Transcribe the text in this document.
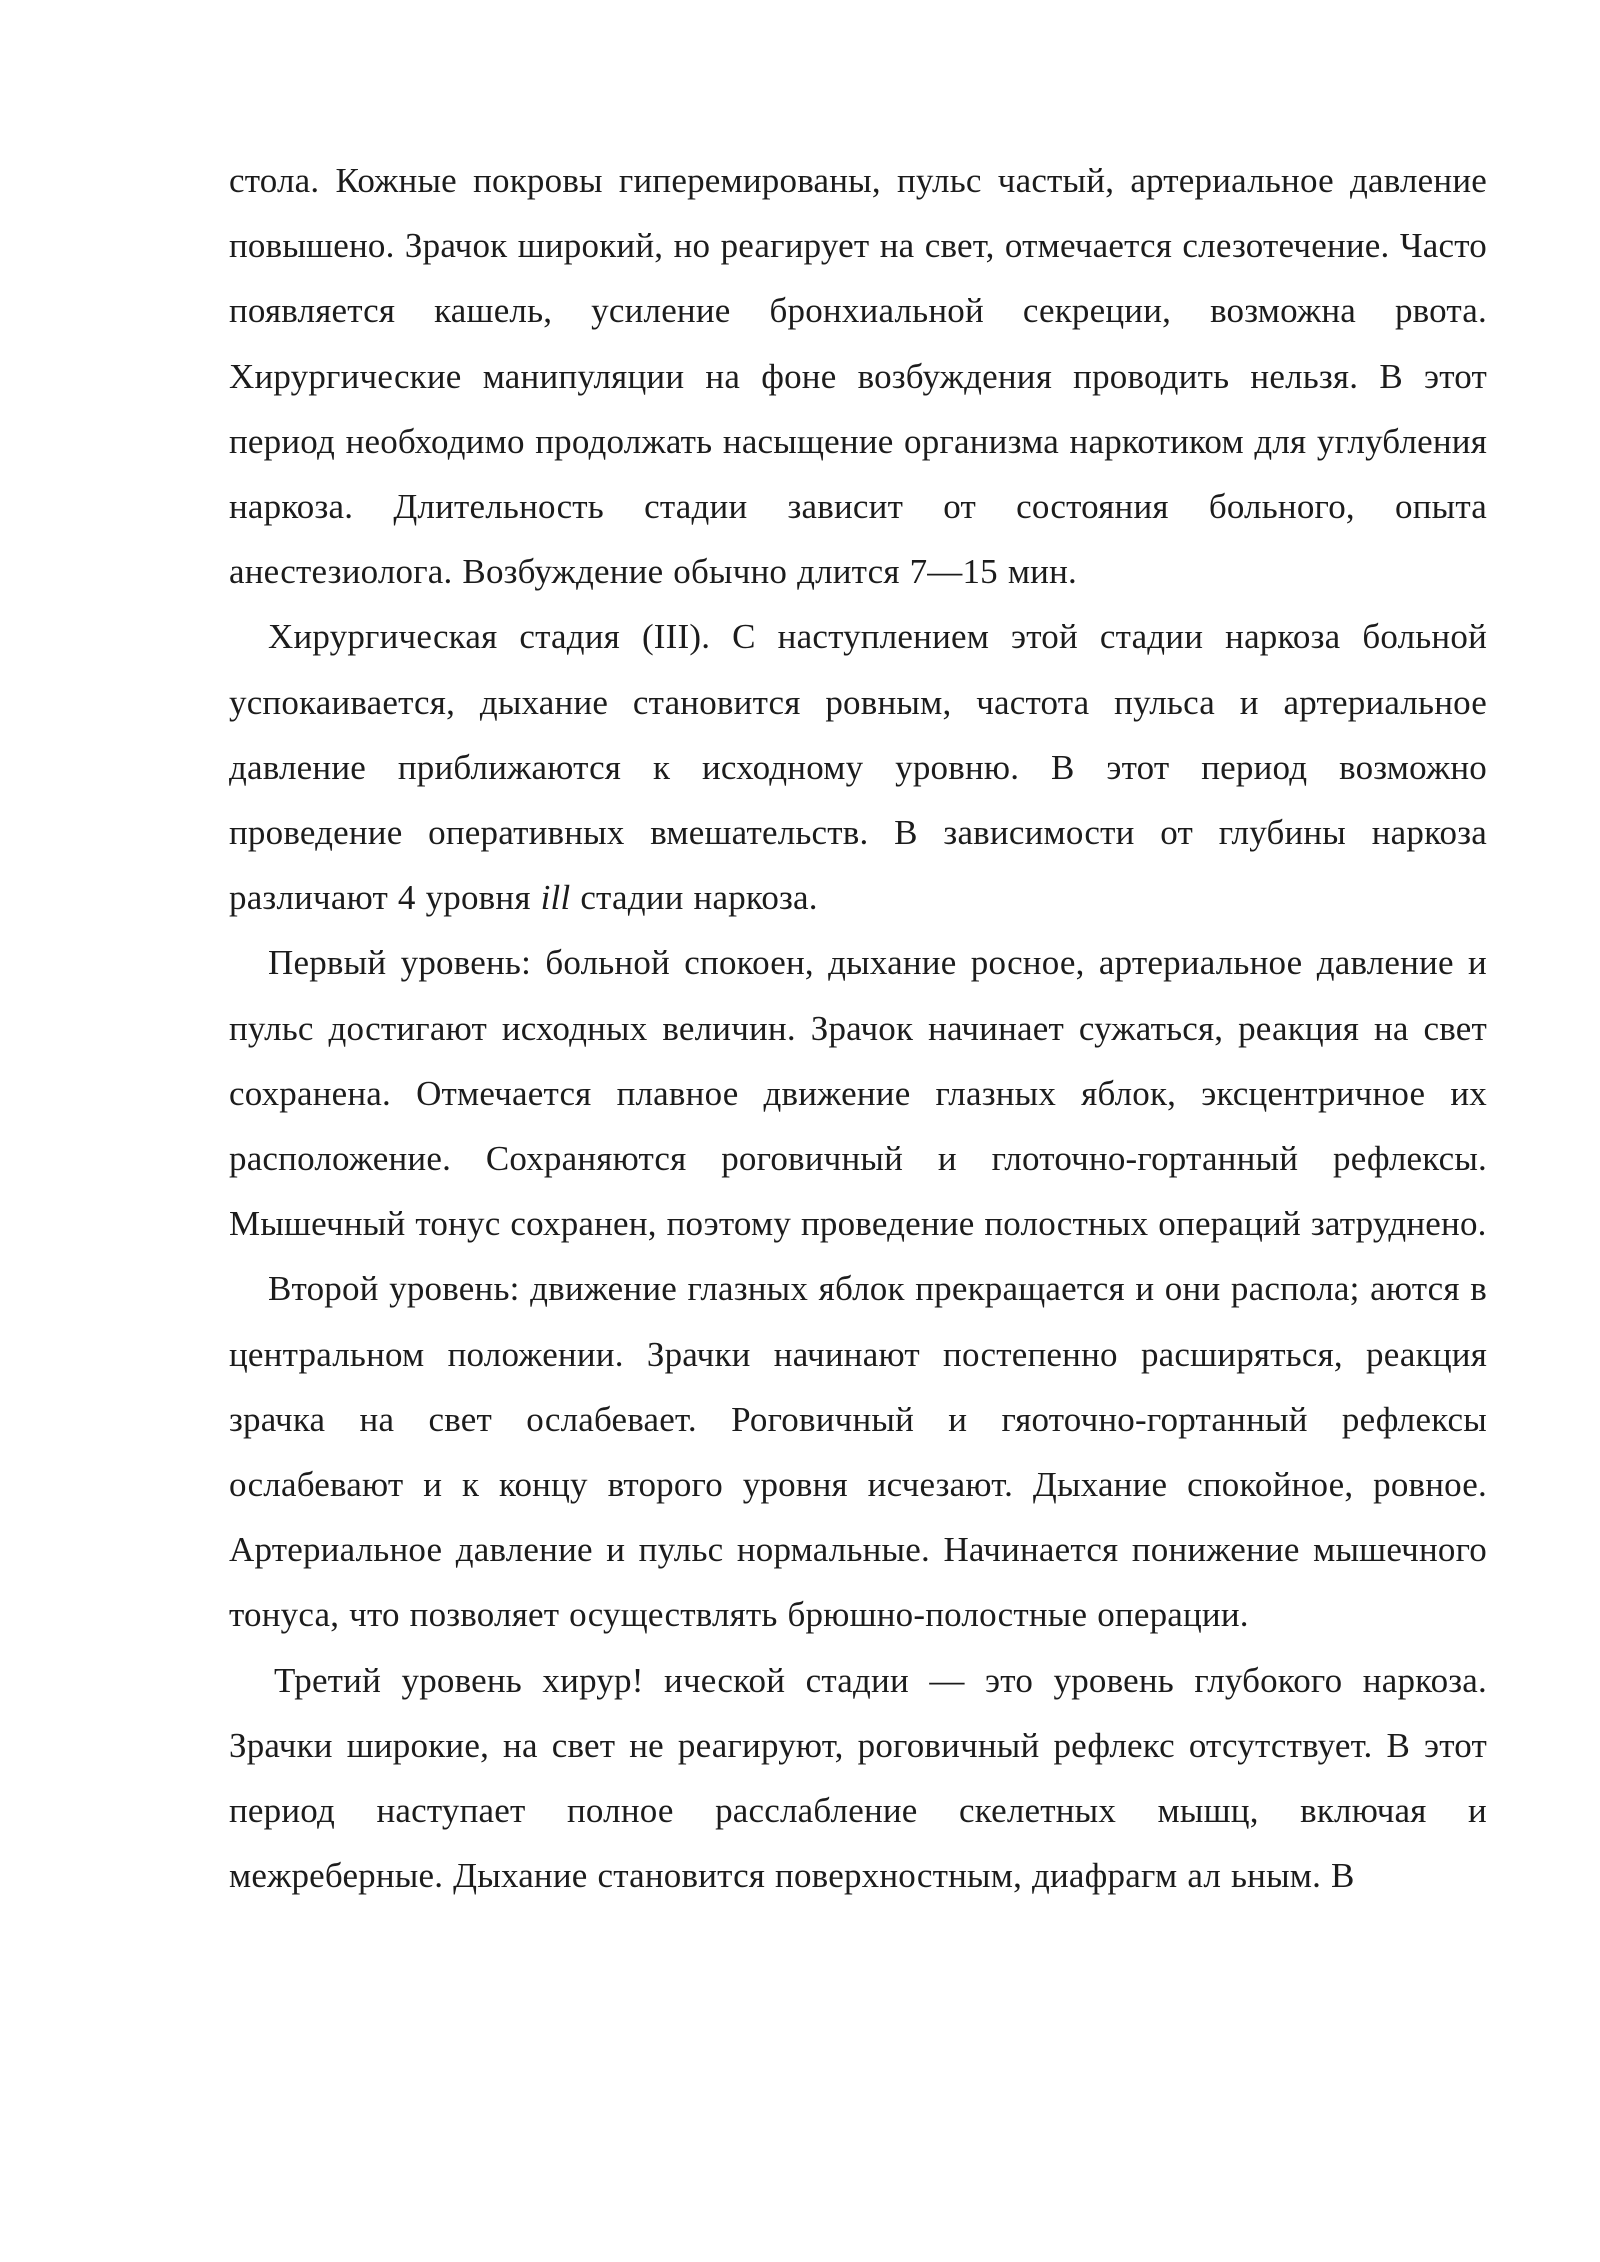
стола. Кожные покровы гиперемированы, пульс частый, артериальное давление повышено. Зрачок широкий, но реагирует на свет, отмечается слезотечение. Часто появляется кашель, усиление бронхиальной секреции, возможна рвота. Хирургические манипуляции на фоне возбуждения проводить нельзя. В этот период необходимо продолжать насыщение организма наркотиком для углубления наркоза. Длительность стадии зависит от состояния больного, опыта анестезиолога. Возбуждение обычно длится 7—15 мин.

Хирургическая стадия (III). С наступлением этой стадии наркоза больной успокаивается, дыхание становится ровным, частота пульса и артериальное давление приближаются к исходному уровню. В этот период возможно проведение оперативных вмешательств. В зависимости от глубины наркоза различают 4 уровня ill стадии наркоза.

Первый уровень: больной спокоен, дыхание росное, артериальное давление и пульс достигают исходных величин. Зрачок начинает сужаться, реакция на свет сохранена. Отмечается плавное движение глазных яблок, эксцентричное их расположение. Сохраняются роговичный и глоточно-гортанный рефлексы. Мышечный тонус сохранен, поэтому проведение полостных операций затруднено.

Второй уровень: движение глазных яблок прекращается и они распола; аются в центральном положении. Зрачки начинают постепенно расширяться, реакция зрачка на свет ослабевает. Роговичный и гяоточно-гортанный рефлексы ослабевают и к концу второго уровня исчезают. Дыхание спокойное, ровное. Артериальное давление и пульс нормальные. Начинается понижение мышечного тонуса, что позволяет осуществлять брюшно-полостные операции.

Третий уровень хирур! ической стадии — это уровень глубокого наркоза. Зрачки широкие, на свет не реагируют, роговичный рефлекс отсутствует. В этот период наступает полное расслабление скелетных мышц, включая и межреберные. Дыхание становится поверхностным, диафрагм ал ьным. В
